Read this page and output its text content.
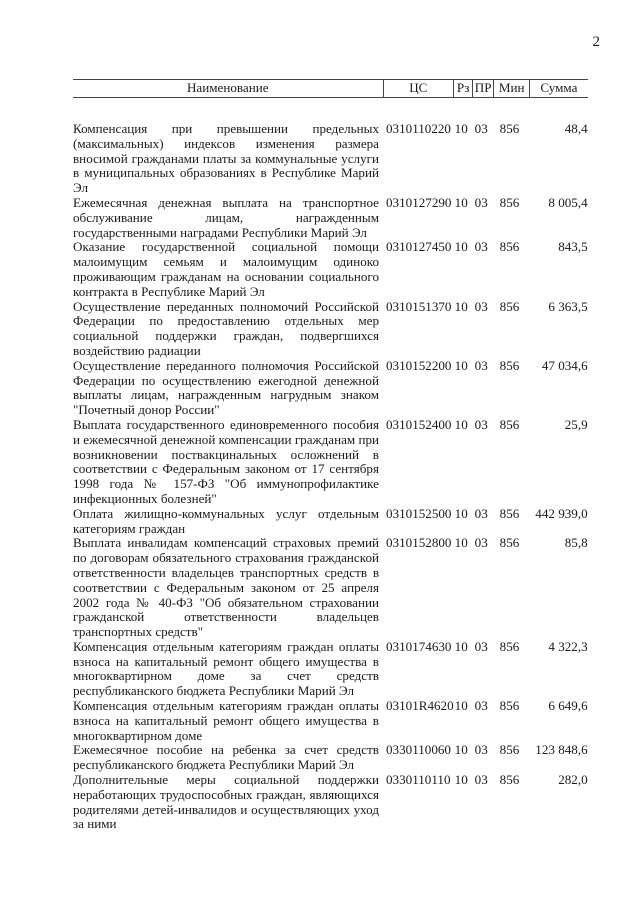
2
Наименование	ЦС	Рз	ПР	Мин	Сумма
Компенсация при превышении предельных (максимальных) индексов изменения размера вносимой гражданами платы за коммунальные услуги в муниципальных образованиях в Республике Марий Эл	0310110220	10	03	856	48,4
Ежемесячная денежная выплата на транспортное обслуживание лицам, награжденным государственными наградами Республики Марий Эл	0310127290	10	03	856	8 005,4
Оказание государственной социальной помощи малоимущим семьям и малоимущим одиноко проживающим гражданам на основании социального контракта в Республике Марий Эл	0310127450	10	03	856	843,5
Осуществление переданных полномочий Российской Федерации по предоставлению отдельных мер социальной поддержки граждан, подвергшихся воздействию радиации	0310151370	10	03	856	6 363,5
Осуществление переданного полномочия Российской Федерации по осуществлению ежегодной денежной выплаты лицам, награжденным нагрудным знаком "Почетный донор России"	0310152200	10	03	856	47 034,6
Выплата государственного единовременного пособия и ежемесячной денежной компенсации гражданам при возникновении поствакцинальных осложнений в соответствии с Федеральным законом от 17 сентября 1998 года № 157-ФЗ "Об иммунопрофилактике инфекционных болезней"	0310152400	10	03	856	25,9
Оплата жилищно-коммунальных услуг отдельным категориям граждан	0310152500	10	03	856	442 939,0
Выплата инвалидам компенсаций страховых премий по договорам обязательного страхования гражданской ответственности владельцев транспортных средств в соответствии с Федеральным законом от 25 апреля 2002 года № 40-ФЗ "Об обязательном страховании гражданской ответственности владельцев транспортных средств"	0310152800	10	03	856	85,8
Компенсация отдельным категориям граждан оплаты взноса на капитальный ремонт общего имущества в многоквартирном доме за счет средств республиканского бюджета Республики Марий Эл	0310174630	10	03	856	4 322,3
Компенсация отдельным категориям граждан оплаты взноса на капитальный ремонт общего имущества в многоквартирном доме	03101R4620	10	03	856	6 649,6
Ежемесячное пособие на ребенка за счет средств республиканского бюджета Республики Марий Эл	0330110060	10	03	856	123 848,6
Дополнительные меры социальной поддержки неработающих трудоспособных граждан, являющихся родителями детей-инвалидов и осуществляющих уход за ними	0330110110	10	03	856	282,0
